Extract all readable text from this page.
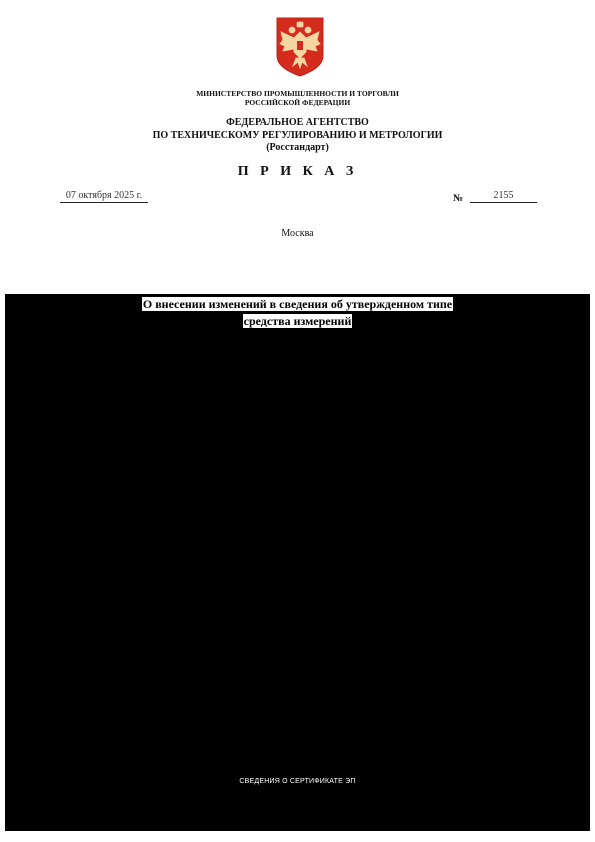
МИНИСТЕРСТВО ПРОМЫШЛЕННОСТИ И ТОРГОВЛИ
РОССИЙСКОЙ ФЕДЕРАЦИИ
ФЕДЕРАЛЬНОЕ АГЕНТСТВО
ПО ТЕХНИЧЕСКОМУ РЕГУЛИРОВАНИЮ И МЕТРОЛОГИИ
(Росстандарт)
П Р И К А З
07 октября 2025 г.	№	2155
Москва
О внесении изменений в сведения об утвержденном типе
средства измерений
СВЕДЕНИЯ О СЕРТИФИКАТЕ ЭП
